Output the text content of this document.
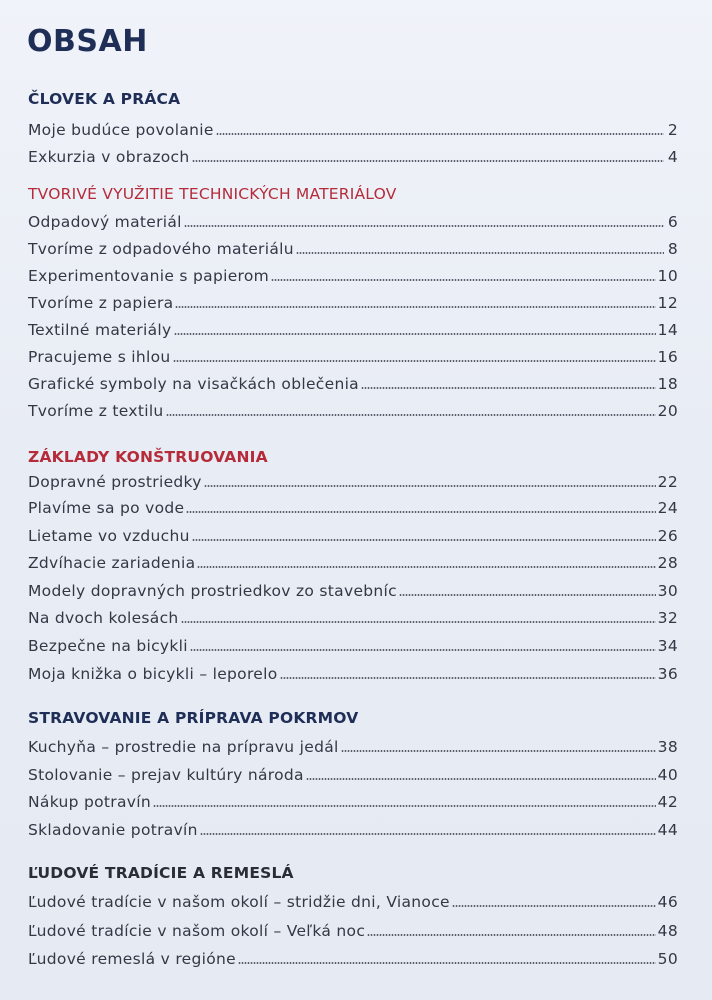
OBSAH
ČLOVEK A PRÁCA
Moje budúce povolanie	2
Exkurzia v obrazoch	4
TVORIVÉ VYUŽITIE TECHNICKÝCH MATERIÁLOV
Odpadový materiál	6
Tvoríme z odpadového materiálu	8
Experimentovanie s papierom	10
Tvoríme z papiera	12
Textilné materiály	14
Pracujeme s ihlou	16
Grafické symboly na visačkách oblečenia	18
Tvoríme z textilu	20
ZÁKLADY KONŠTRUOVANIA
Dopravné prostriedky	22
Plavíme sa po vode	24
Lietame vo vzduchu	26
Zdvíhacie zariadenia	28
Modely dopravných prostriedkov zo stavebníc	30
Na dvoch kolesách	32
Bezpečne na bicykli	34
Moja knižka o bicykli – leporelo	36
STRAVOVANIE A PRÍPRAVA POKRMOV
Kuchyňa – prostredie na prípravu jedál	38
Stolovanie – prejav kultúry národa	40
Nákup potravín	42
Skladovanie potravín	44
ĽUDOVÉ TRADÍCIE A REMESLÁ
Ľudové tradície v našom okolí – stridžie dni, Vianoce	46
Ľudové tradície v našom okolí – Veľká noc	48
Ľudové remeslá v regióne	50
